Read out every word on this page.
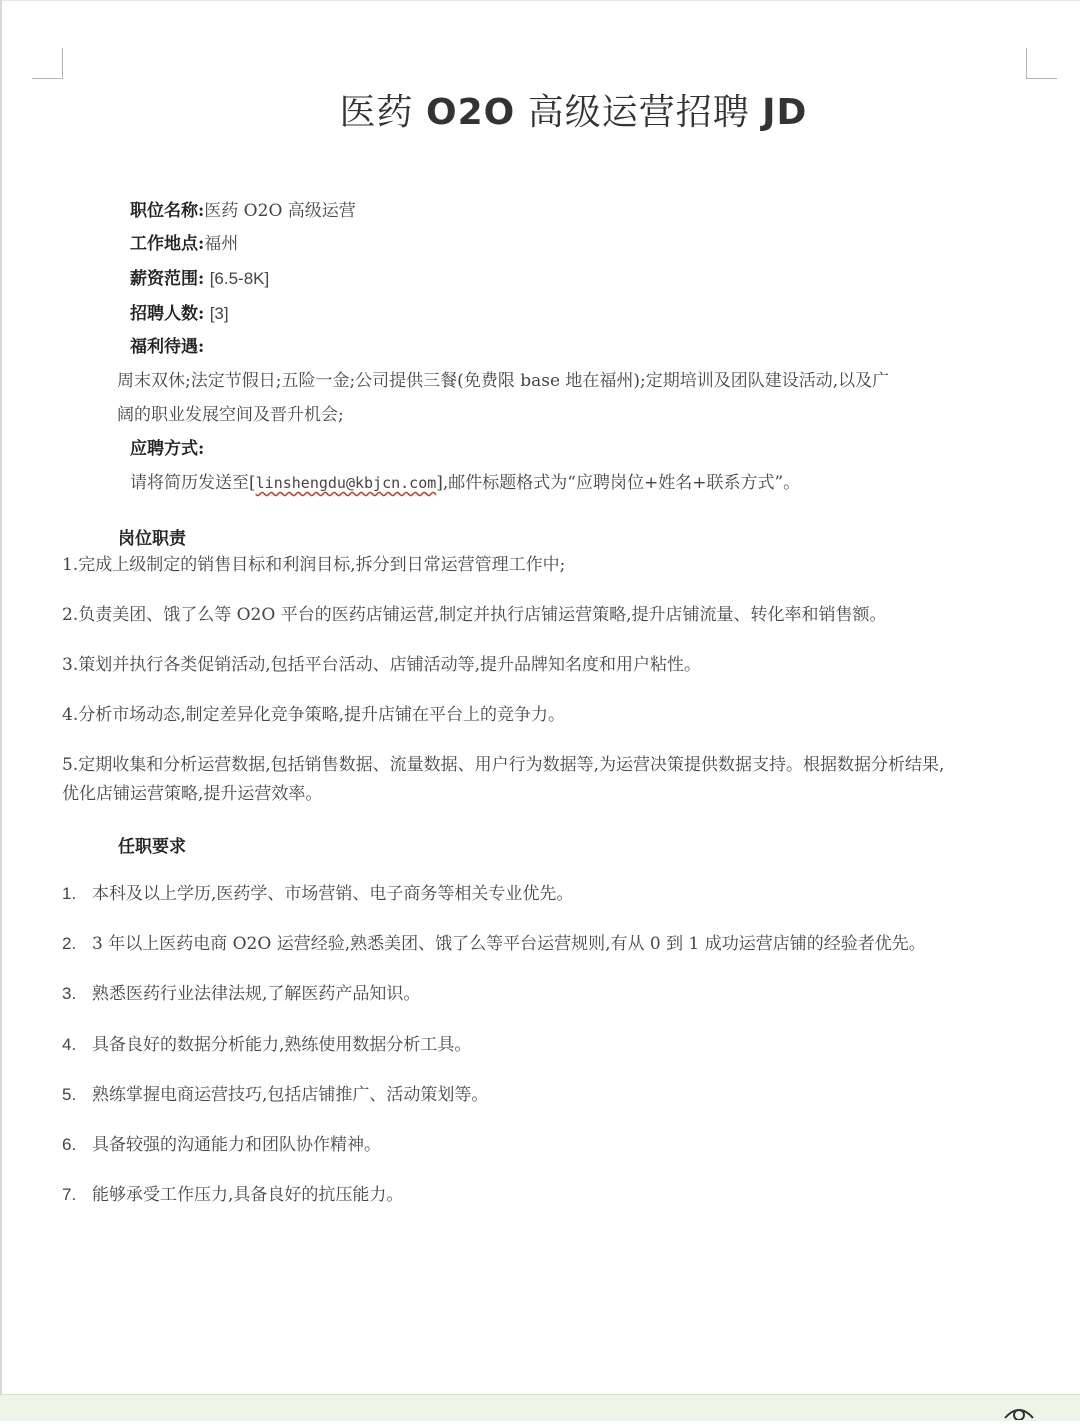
医药 O2O 高级运营招聘 JD
职位名称:医药 O2O 高级运营
工作地点:福州
薪资范围: [6.5-8K]
招聘人数: [3]
福利待遇:
周末双休;法定节假日;五险一金;公司提供三餐(免费限 base 地在福州);定期培训及团队建设活动,以及广
阔的职业发展空间及晋升机会;
应聘方式:
请将简历发送至[linshengdu@kbjcn.com],邮件标题格式为“应聘岗位+姓名+联系方式”。
岗位职责
1.完成上级制定的销售目标和利润目标,拆分到日常运营管理工作中;
2.负责美团、饿了么等 O2O 平台的医药店铺运营,制定并执行店铺运营策略,提升店铺流量、转化率和销售额。
3.策划并执行各类促销活动,包括平台活动、店铺活动等,提升品牌知名度和用户粘性。
4.分析市场动态,制定差异化竞争策略,提升店铺在平台上的竞争力。
5.定期收集和分析运营数据,包括销售数据、流量数据、用户行为数据等,为运营决策提供数据支持。根据数据分析结果,
优化店铺运营策略,提升运营效率。
任职要求
1. 本科及以上学历,医药学、市场营销、电子商务等相关专业优先。
2. 3 年以上医药电商 O2O 运营经验,熟悉美团、饿了么等平台运营规则,有从 0 到 1 成功运营店铺的经验者优先。
3. 熟悉医药行业法律法规,了解医药产品知识。
4. 具备良好的数据分析能力,熟练使用数据分析工具。
5. 熟练掌握电商运营技巧,包括店铺推广、活动策划等。
6. 具备较强的沟通能力和团队协作精神。
7. 能够承受工作压力,具备良好的抗压能力。
